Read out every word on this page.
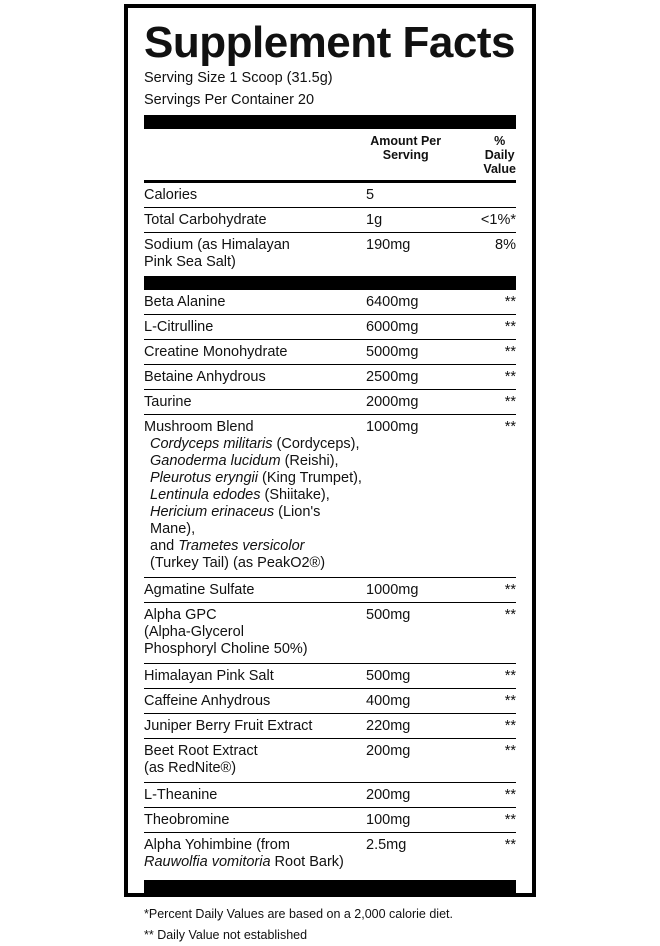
Supplement Facts
Serving Size 1 Scoop (31.5g)
Servings Per Container 20
Amount Per Serving
% Daily Value
Calories	5
Total Carbohydrate	1g	<1%*
Sodium (as Himalayan
Pink Sea Salt)
190mg	8%
Beta Alanine	6400mg	**
L-Citrulline	6000mg	**
Creatine Monohydrate	5000mg	**
Betaine Anhydrous	2500mg	**
Taurine	2000mg	**
Mushroom Blend
Cordyceps militaris (Cordyceps),
Ganoderma lucidum (Reishi),
Pleurotus eryngii (King Trumpet),
Lentinula edodes (Shiitake),
Hericium erinaceus (Lion's Mane),
and Trametes versicolor
(Turkey Tail) (as PeakO2®)
1000mg	**
Agmatine Sulfate	1000mg	**
Alpha GPC
(Alpha-Glycerol
Phosphoryl Choline 50%)
500mg	**
Himalayan Pink Salt	500mg	**
Caffeine Anhydrous	400mg	**
Juniper Berry Fruit Extract	220mg	**
Beet Root Extract
(as RedNite®)
200mg	**
L-Theanine	200mg	**
Theobromine	100mg	**
Alpha Yohimbine (from
Rauwolfia vomitoria Root Bark)
2.5mg	**
*Percent Daily Values are based on a 2,000 calorie diet.
** Daily Value not established
